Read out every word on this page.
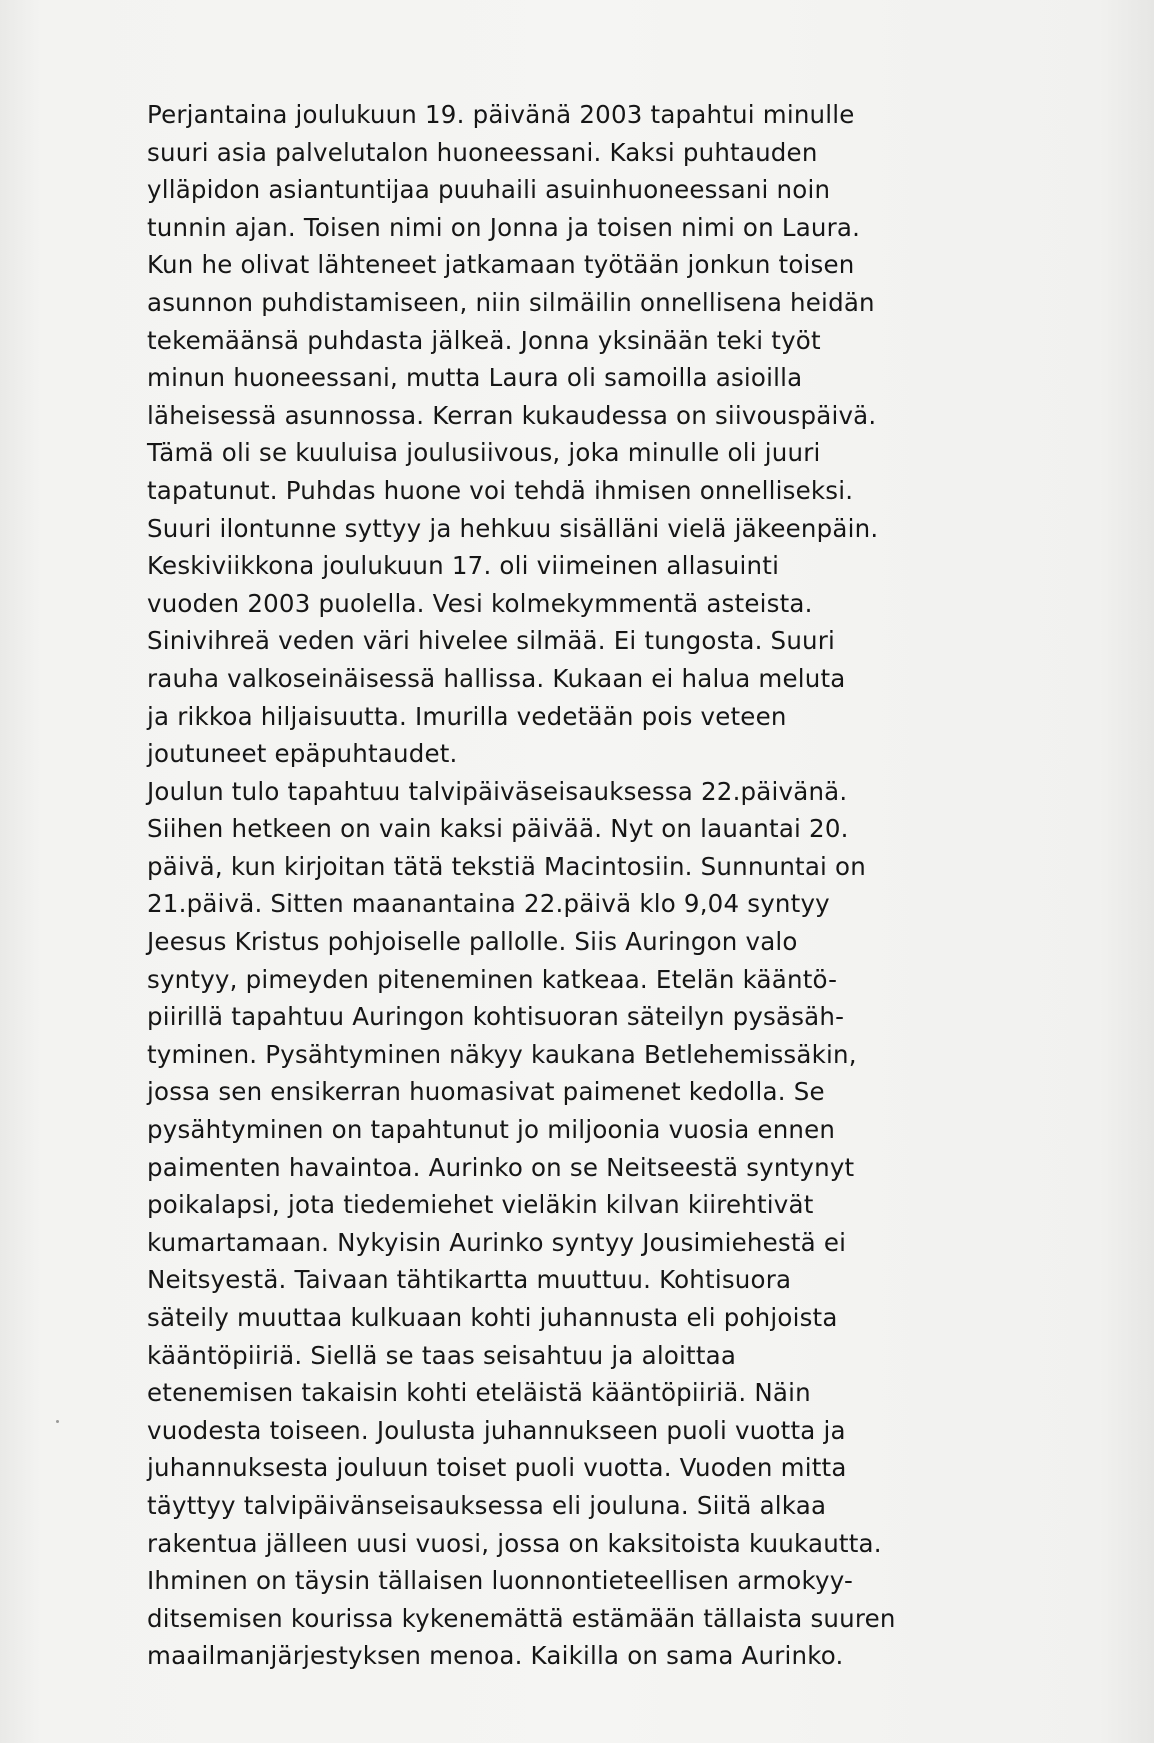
Perjantaina joulukuun 19. päivänä 2003 tapahtui minulle
suuri asia palvelutalon huoneessani. Kaksi puhtauden
ylläpidon asiantuntijaa puuhaili asuinhuoneessani noin
tunnin ajan. Toisen nimi on Jonna ja toisen nimi on Laura.
Kun he olivat lähteneet jatkamaan työtään jonkun toisen
asunnon puhdistamiseen, niin silmäilin onnellisena heidän
tekemäänsä puhdasta jälkeä. Jonna yksinään teki työt
minun huoneessani, mutta Laura oli samoilla asioilla
läheisessä asunnossa. Kerran kukaudessa on siivouspäivä.
Tämä oli se kuuluisa joulusiivous, joka minulle oli juuri
tapatunut. Puhdas huone voi tehdä ihmisen onnelliseksi.
Suuri ilontunne syttyy ja hehkuu sisälläni vielä jäkeenpäin.
Keskiviikkona joulukuun 17. oli viimeinen allasuinti
vuoden 2003 puolella. Vesi kolmekymmentä asteista.
Sinivihreä veden väri hivelee silmää. Ei tungosta. Suuri
rauha valkoseinäisessä hallissa. Kukaan ei halua meluta
ja rikkoa hiljaisuutta. Imurilla vedetään pois veteen
joutuneet epäpuhtaudet.
Joulun tulo tapahtuu talvipäiväseisauksessa 22.päivänä.
Siihen hetkeen on vain kaksi päivää. Nyt on lauantai 20.
päivä, kun kirjoitan tätä tekstiä Macintosiin. Sunnuntai on
21.päivä. Sitten maanantaina 22.päivä klo 9,04 syntyy
Jeesus Kristus pohjoiselle pallolle. Siis Auringon valo
syntyy, pimeyden piteneminen katkeaa. Etelän kääntö-
piirillä tapahtuu Auringon kohtisuoran säteilyn pysäsäh-
tyminen. Pysähtyminen näkyy kaukana Betlehemissäkin,
jossa sen ensikerran huomasivat paimenet kedolla. Se
pysähtyminen on tapahtunut jo miljoonia vuosia ennen
paimenten havaintoa. Aurinko on se Neitseestä syntynyt
poikalapsi, jota tiedemiehet vieläkin kilvan kiirehtivät
kumartamaan. Nykyisin Aurinko syntyy Jousimiehestä ei
Neitsyestä. Taivaan tähtikartta muuttuu. Kohtisuora
säteily muuttaa kulkuaan kohti juhannusta eli pohjoista
kääntöpiiriä. Siellä se taas seisahtuu ja aloittaa
etenemisen takaisin kohti eteläistä kääntöpiiriä. Näin
vuodesta toiseen. Joulusta juhannukseen puoli vuotta ja
juhannuksesta jouluun toiset puoli vuotta. Vuoden mitta
täyttyy talvipäivänseisauksessa eli jouluna. Siitä alkaa
rakentua jälleen uusi vuosi, jossa on kaksitoista kuukautta.
Ihminen on täysin tällaisen luonnontieteellisen armokyy-
ditsemisen kourissa kykenemättä estämään tällaista suuren
maailmanjärjestyksen menoa. Kaikilla on sama Aurinko.
